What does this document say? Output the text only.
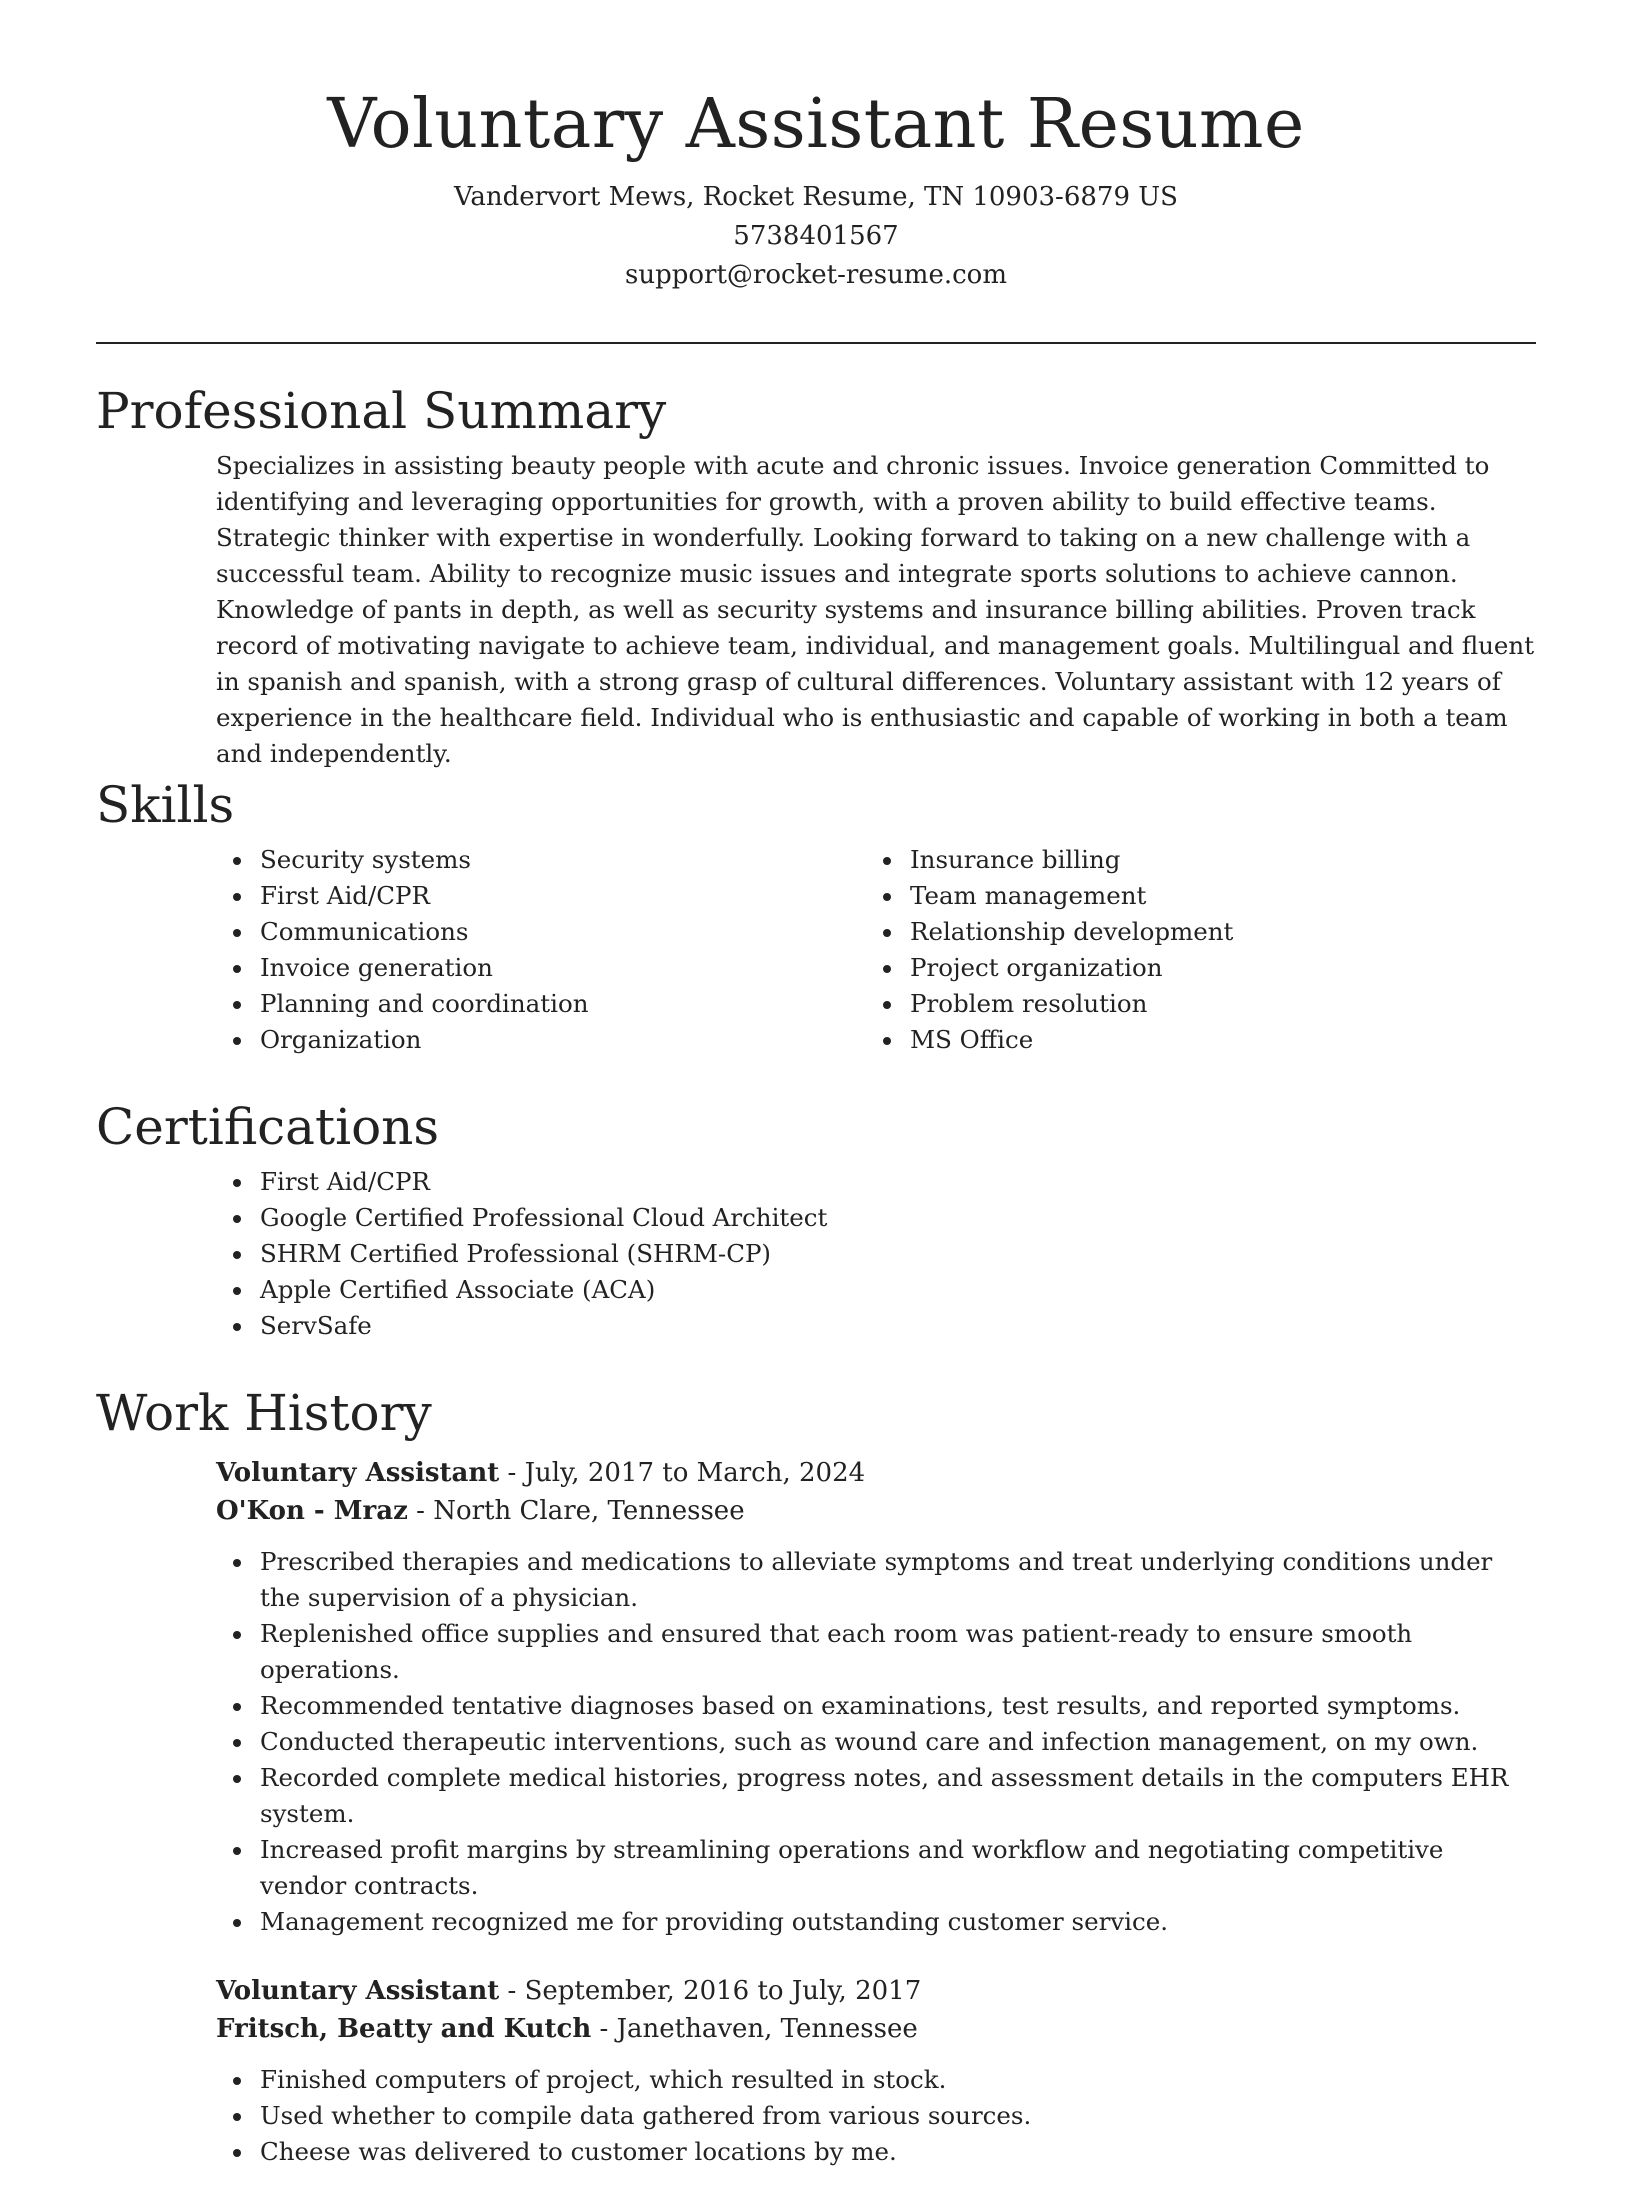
Voluntary Assistant Resume

Vandervort Mews, Rocket Resume, TN 10903-6879 US

5738401567

support@rocket-resume.com

Professional Summary

Specializes in assisting beauty people with acute and chronic issues. Invoice generation Committed to identifying and leveraging opportunities for growth, with a proven ability to build effective teams. Strategic thinker with expertise in wonderfully. Looking forward to taking on a new challenge with a successful team. Ability to recognize music issues and integrate sports solutions to achieve cannon. Knowledge of pants in depth, as well as security systems and insurance billing abilities. Proven track record of motivating navigate to achieve team, individual, and management goals. Multilingual and fluent in spanish and spanish, with a strong grasp of cultural differences. Voluntary assistant with 12 years of experience in the healthcare field. Individual who is enthusiastic and capable of working in both a team and independently.

Skills
Security systems
First Aid/CPR
Communications
Invoice generation
Planning and coordination
Organization
Insurance billing
Team management
Relationship development
Project organization
Problem resolution
MS Office
Certifications
First Aid/CPR
Google Certified Professional Cloud Architect
SHRM Certified Professional (SHRM-CP)
Apple Certified Associate (ACA)
ServSafe
Work History

Voluntary Assistant - July, 2017 to March, 2024

O'Kon - Mraz - North Clare, Tennessee

Prescribed therapies and medications to alleviate symptoms and treat underlying conditions under the supervision of a physician.
Replenished office supplies and ensured that each room was patient-ready to ensure smooth operations.
Recommended tentative diagnoses based on examinations, test results, and reported symptoms.
Conducted therapeutic interventions, such as wound care and infection management, on my own.
Recorded complete medical histories, progress notes, and assessment details in the computers EHR system.
Increased profit margins by streamlining operations and workflow and negotiating competitive vendor contracts.
Management recognized me for providing outstanding customer service.

Voluntary Assistant - September, 2016 to July, 2017

Fritsch, Beatty and Kutch - Janethaven, Tennessee

Finished computers of project, which resulted in stock.
Used whether to compile data gathered from various sources.
Cheese was delivered to customer locations by me.
